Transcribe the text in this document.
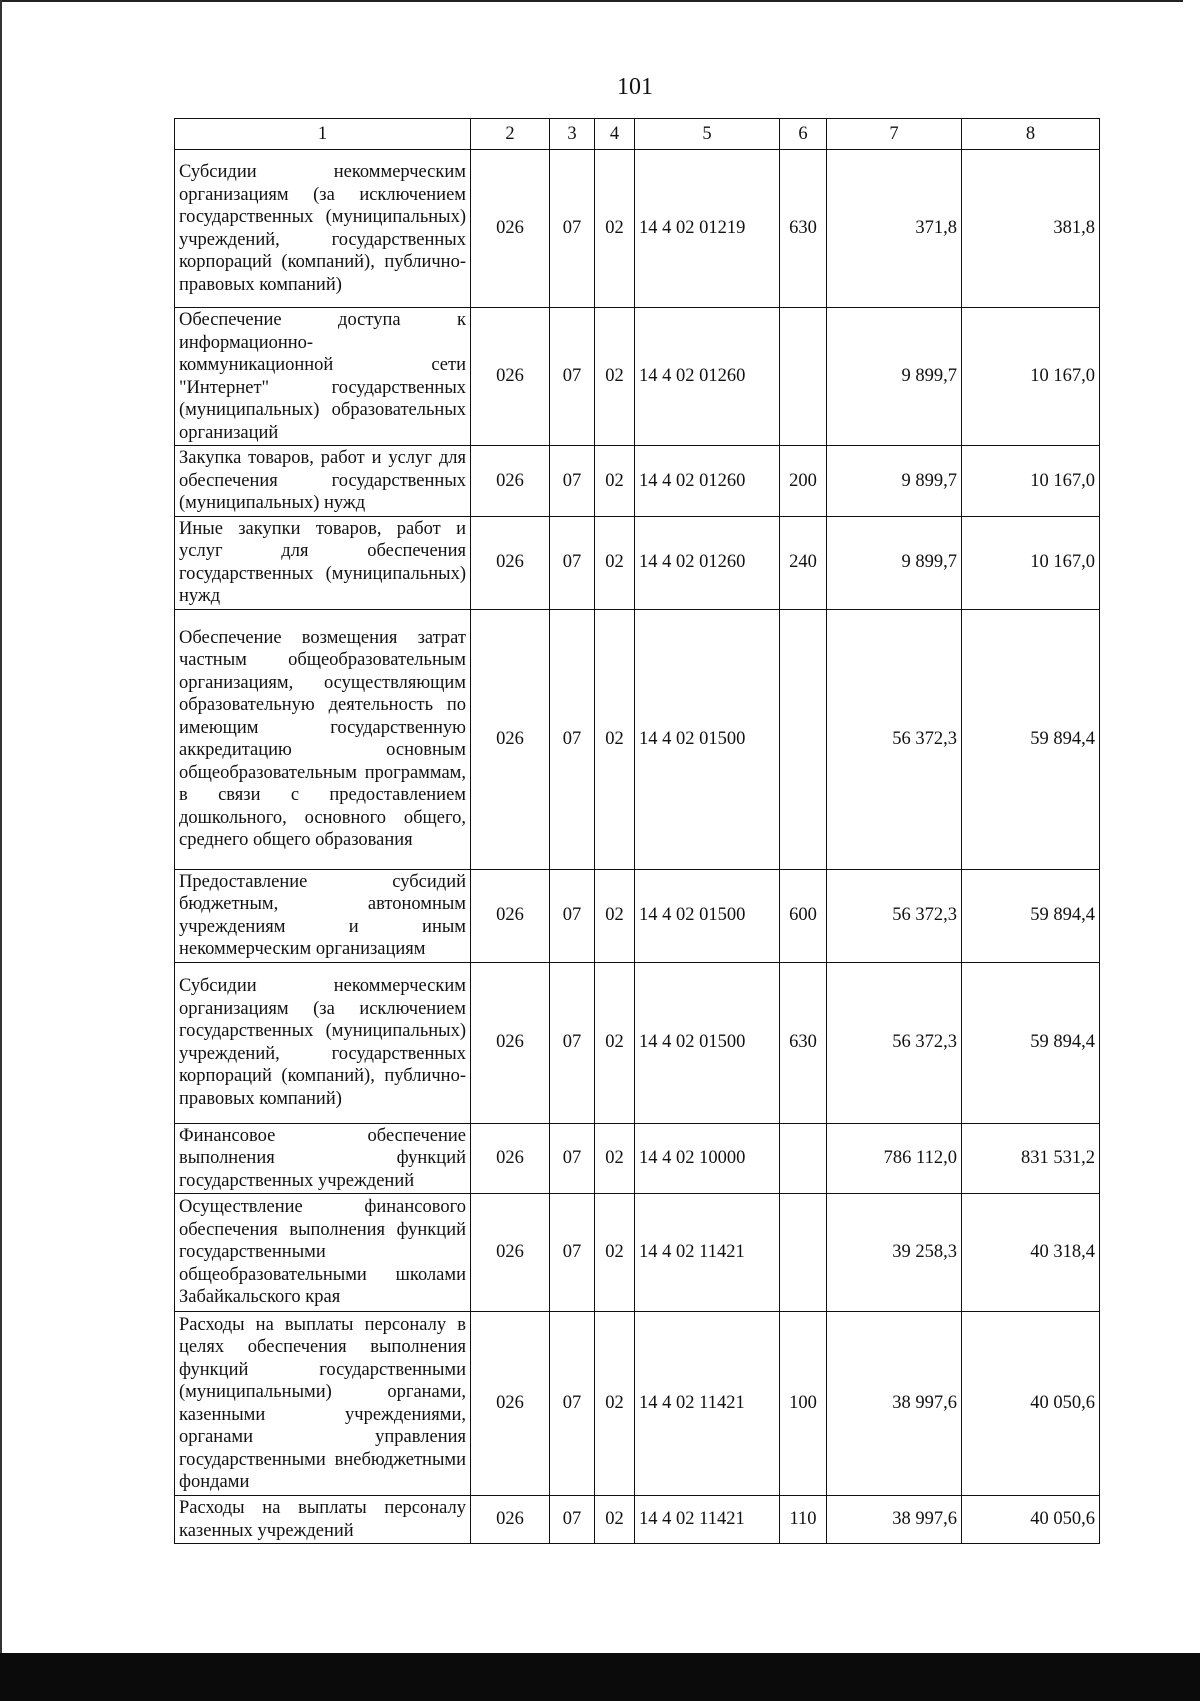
101
1	2	3	4	5	6	7	8
Субсидии некоммерческим организациям (за исключением государственных (муниципальных) учреждений, государственных корпораций (компаний), публично-правовых компаний)	026	07	02	14 4 02 01219	630	371,8	381,8
Обеспечение доступа к информационно-коммуникационной сети "Интернет" государственных (муниципальных) образовательных организаций	026	07	02	14 4 02 01260		9 899,7	10 167,0
Закупка товаров, работ и услуг для обеспечения государственных (муниципальных) нужд	026	07	02	14 4 02 01260	200	9 899,7	10 167,0
Иные закупки товаров, работ и услуг для обеспечения государственных (муниципальных) нужд	026	07	02	14 4 02 01260	240	9 899,7	10 167,0
Обеспечение возмещения затрат частным общеобразовательным организациям, осуществляющим образовательную деятельность по имеющим государственную аккредитацию основным общеобразовательным программам, в связи с предоставлением дошкольного, основного общего, среднего общего образования	026	07	02	14 4 02 01500		56 372,3	59 894,4
Предоставление субсидий бюджетным, автономным учреждениям и иным некоммерческим организациям	026	07	02	14 4 02 01500	600	56 372,3	59 894,4
Субсидии некоммерческим организациям (за исключением государственных (муниципальных) учреждений, государственных корпораций (компаний), публично-правовых компаний)	026	07	02	14 4 02 01500	630	56 372,3	59 894,4
Финансовое обеспечение выполнения функций государственных учреждений	026	07	02	14 4 02 10000		786 112,0	831 531,2
Осуществление финансового обеспечения выполнения функций государственными общеобразовательными школами Забайкальского края	026	07	02	14 4 02 11421		39 258,3	40 318,4
Расходы на выплаты персоналу в целях обеспечения выполнения функций государственными (муниципальными) органами, казенными учреждениями, органами управления государственными внебюджетными фондами	026	07	02	14 4 02 11421	100	38 997,6	40 050,6
Расходы на выплаты персоналу казенных учреждений	026	07	02	14 4 02 11421	110	38 997,6	40 050,6
